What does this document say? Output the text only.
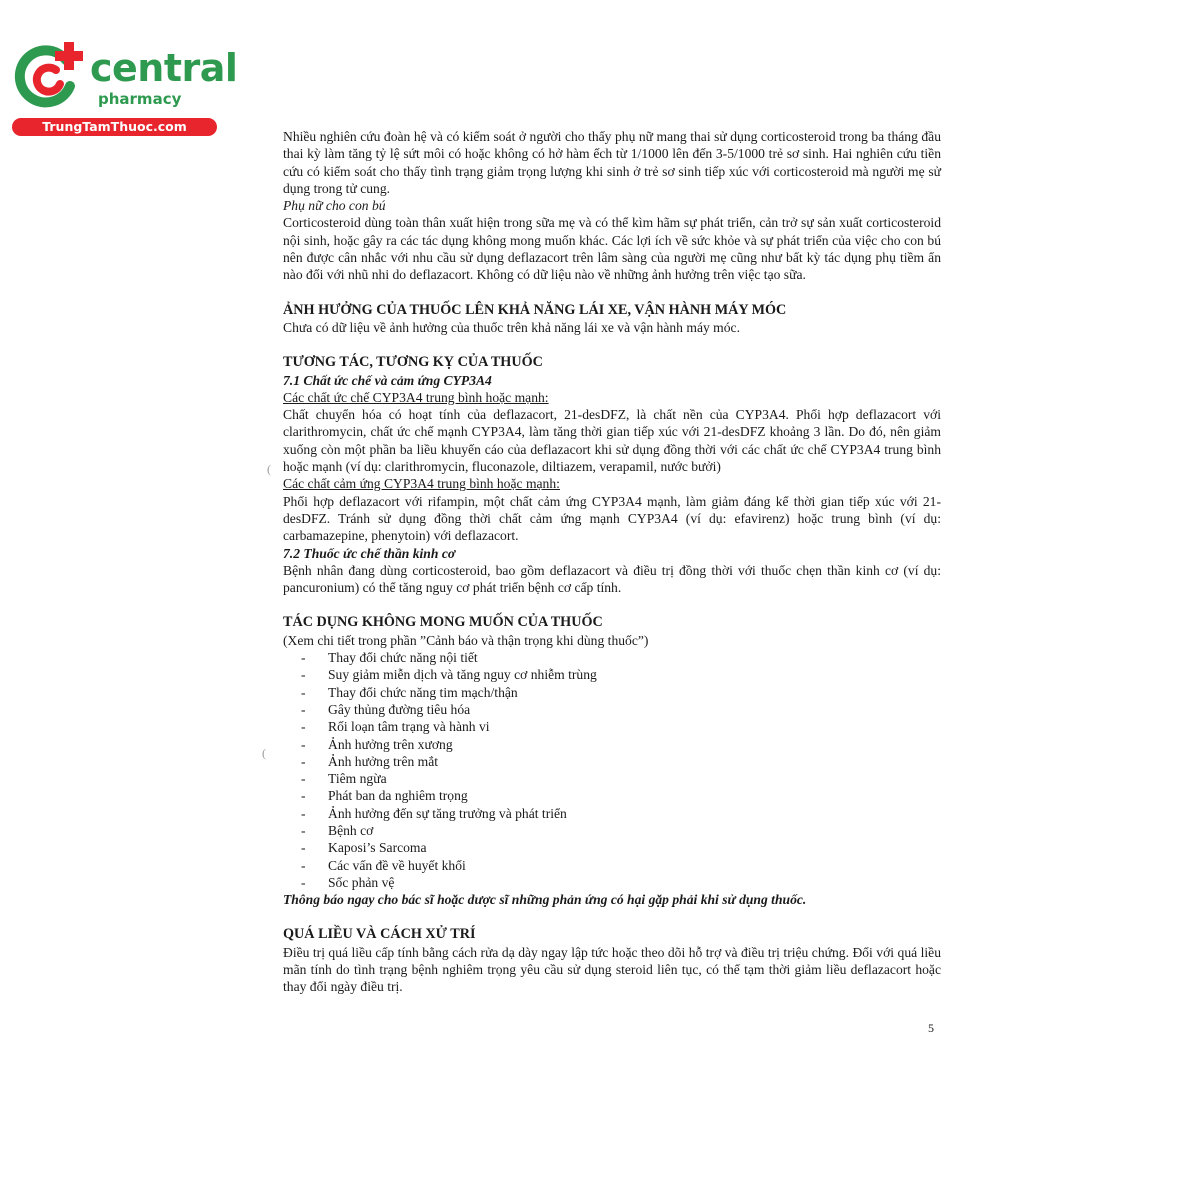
central
pharmacy
TrungTamThuoc.com
(
(

Nhiều nghiên cứu đoàn hệ và có kiểm soát ở người cho thấy phụ nữ mang thai sử dụng corticosteroid trong ba tháng đầu thai kỳ làm tăng tỷ lệ sứt môi có hoặc không có hở hàm ếch từ 1/1000 lên đến 3-5/1000 trẻ sơ sinh. Hai nghiên cứu tiền cứu có kiểm soát cho thấy tình trạng giảm trọng lượng khi sinh ở trẻ sơ sinh tiếp xúc với corticosteroid mà người mẹ sử dụng trong tử cung.

Phụ nữ cho con bú

Corticosteroid dùng toàn thân xuất hiện trong sữa mẹ và có thể kìm hãm sự phát triển, cản trở sự sản xuất corticosteroid nội sinh, hoặc gây ra các tác dụng không mong muốn khác. Các lợi ích về sức khỏe và sự phát triển của việc cho con bú nên được cân nhắc với nhu cầu sử dụng deflazacort trên lâm sàng của người mẹ cũng như bất kỳ tác dụng phụ tiềm ẩn nào đối với nhũ nhi do deflazacort. Không có dữ liệu nào về những ảnh hưởng trên việc tạo sữa.

ẢNH HƯỞNG CỦA THUỐC LÊN KHẢ NĂNG LÁI XE, VẬN HÀNH MÁY MÓC

Chưa có dữ liệu về ảnh hưởng của thuốc trên khả năng lái xe và vận hành máy móc.

TƯƠNG TÁC, TƯƠNG KỴ CỦA THUỐC

7.1 Chất ức chế và cảm ứng CYP3A4

Các chất ức chế CYP3A4 trung bình hoặc mạnh:

Chất chuyển hóa có hoạt tính của deflazacort, 21-desDFZ, là chất nền của CYP3A4. Phối hợp deflazacort với clarithromycin, chất ức chế mạnh CYP3A4, làm tăng thời gian tiếp xúc với 21-desDFZ khoảng 3 lần. Do đó, nên giảm xuống còn một phần ba liều khuyến cáo của deflazacort khi sử dụng đồng thời với các chất ức chế CYP3A4 trung bình hoặc mạnh (ví dụ: clarithromycin, fluconazole, diltiazem, verapamil, nước bưởi)

Các chất cảm ứng CYP3A4 trung bình hoặc mạnh:

Phối hợp deflazacort với rifampin, một chất cảm ứng CYP3A4 mạnh, làm giảm đáng kể thời gian tiếp xúc với 21-desDFZ. Tránh sử dụng đồng thời chất cảm ứng mạnh CYP3A4 (ví dụ: efavirenz) hoặc trung bình (ví dụ: carbamazepine, phenytoin) với deflazacort.

7.2 Thuốc ức chế thần kinh cơ

Bệnh nhân đang dùng corticosteroid, bao gồm deflazacort và điều trị đồng thời với thuốc chẹn thần kinh cơ (ví dụ: pancuronium) có thể tăng nguy cơ phát triển bệnh cơ cấp tính.

TÁC DỤNG KHÔNG MONG MUỐN CỦA THUỐC

(Xem chi tiết trong phần ”Cảnh báo và thận trọng khi dùng thuốc”)

- Thay đổi chức năng nội tiết
- Suy giảm miễn dịch và tăng nguy cơ nhiễm trùng
- Thay đổi chức năng tim mạch/thận
- Gây thủng đường tiêu hóa
- Rối loạn tâm trạng và hành vi
- Ảnh hưởng trên xương
- Ảnh hưởng trên mắt
- Tiêm ngừa
- Phát ban da nghiêm trọng
- Ảnh hưởng đến sự tăng trưởng và phát triển
- Bệnh cơ
- Kaposi’s Sarcoma
- Các vấn đề về huyết khối
- Sốc phản vệ

Thông báo ngay cho bác sĩ hoặc dược sĩ những phản ứng có hại gặp phải khi sử dụng thuốc.

QUÁ LIỀU VÀ CÁCH XỬ TRÍ

Điều trị quá liều cấp tính bằng cách rửa dạ dày ngay lập tức hoặc theo dõi hỗ trợ và điều trị triệu chứng. Đối với quá liều mãn tính do tình trạng bệnh nghiêm trọng yêu cầu sử dụng steroid liên tục, có thể tạm thời giảm liều deflazacort hoặc thay đổi ngày điều trị.

5
